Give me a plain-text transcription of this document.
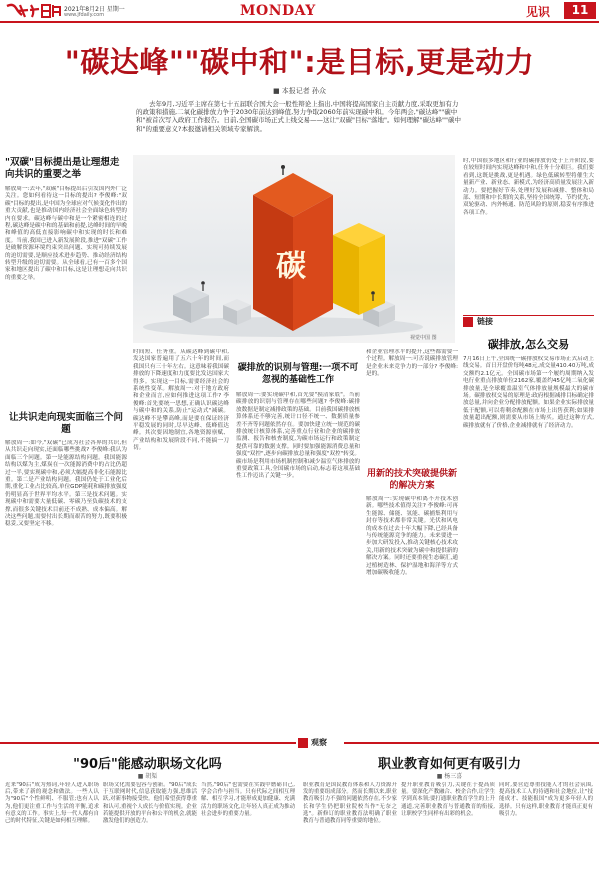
2021年8月2日 星期一
www.jfdaily.com	MONDAY	见识	11
"碳达峰""碳中和":是目标,更是动力
■ 本报记者 孙众
去年9月,习近平主席在第七十五届联合国大会一般性辩论上指出,中国将提高国家自主贡献力度,采取更加有力的政策和措施,二氧化碳排放力争于2030年前达到峰值,努力争取2060年前实现碳中和。今年两会,"碳达峰""碳中和"被首次写入政府工作报告。日前,全国碳市场正式上线交易——这让"双碳"目标"落地"。如何理解"碳达峰""碳中和"的重要意义?本报邀请相关领域专家解读。
"双碳"目标提出是让理想走向共识的重要之举
解放周一:去年,"双碳"目标提出后引发国内外广泛关注。您如何看待这一目标的提出? 李俊峰:"双碳"目标的提出,是中国为全球应对气候变化作出的重大贡献,也是推动国内经济社会全面绿色转型的内在要求。碳达峰与碳中和是一个紧密相连的过程,碳达峰是碳中和的基础和前提,达峰时间的早晚和峰值的高低直接影响碳中和实现的时长和难度。当前,我国已进入新发展阶段,推进"双碳"工作是破解资源环境约束突出问题、实现可持续发展的迫切需要,是顺应技术进步趋势、推动经济结构转型升级的迫切需要。从全球看,已有一百多个国家和地区提出了碳中和目标,这是让理想走向共识的重要之举。
让共识走向现实面临三个问题
解放周一:如今,"双碳"已成为社会各界的共识,但从共识走向现实,还面临哪些挑战? 李俊峰:我认为面临三个问题。第一是能源结构问题。我国能源结构以煤为主,煤炭在一次能源消费中的占比仍超过一半,要实现碳中和,必须大幅提高非化石能源比重。第二是产业结构问题。我国仍处于工业化后期,重化工业占比较高,单位GDP能耗和碳排放强度仍明显高于世界平均水平。第三是技术问题。实现碳中和需要大量低碳、零碳乃至负碳技术的支撑,而很多关键技术目前还不成熟、成本偏高。解决这些问题,需要付出长期而艰苦的努力,既要积极稳妥,又要坚定不移。
碳
视觉中国 图
时间短、任务重。从碳达峰到碳中和,发达国家普遍用了五六十年的时间,而我国只有三十年左右。这意味着我国碳排放的下降速度和力度要比发达国家大得多。实现这一目标,需要经济社会的系统性变革。解放周一:对于地方政府和企业而言,应如何推进这项工作? 李俊峰:首先要统一思想,正确认识碳达峰与碳中和的关系,防止"运动式"减碳。碳达峰不是攀高峰,而是要在保证经济平稳发展的同时,尽早达峰、低峰值达峰。其次要因地制宜,各地资源禀赋、产业结构和发展阶段不同,不能搞一刀切。
碳排放的识别与管理:一项不可忽视的基础性工作
解放周一:要实现碳中和,首先要"摸清家底"。当前碳排放的识别与管理存在哪些问题? 李俊峰:碳排放数据是制定减排政策的基础。目前我国碳排放核算体系还不够完善,统计口径不统一、数据质量参差不齐等问题依然存在。要加快建立统一规范的碳排放统计核算体系,完善重点行业和企业的碳排放监测、报告和核查制度,为碳市场运行和政策制定提供可靠的数据支撑。同时要加强能源消费总量和强度"双控",逐步向碳排放总量和强度"双控"转变。碳市场是利用市场机制控制和减少温室气体排放的重要政策工具,全国碳市场的启动,标志着这项基础性工作迈出了关键一步。
和企业管理水平的提升,这些都需要一个过程。解放周一:可否说碳排放管理是企业未来竞争力的一部分? 李俊峰:是的。
用新的技术突破提供新的解决方案
解放周一:实现碳中和离不开技术创新。哪些技术值得关注? 李俊峰:可再生能源、储能、氢能、碳捕集利用与封存等技术都非常关键。光伏和风电的成本在过去十年大幅下降,已经具备与传统能源竞争的能力。未来要进一步加大研发投入,推动关键核心技术攻关,用新的技术突破为碳中和提供新的解决方案。同时还要重视生态碳汇,通过植树造林、保护湿地和海洋等方式增加碳吸收能力。
时,中国很多地区和行业的碳排放仍处于上升阶段,要在较短时间内实现达峰和中和,任务十分艰巨。我们要看到,这既是挑战,更是机遇。绿色低碳转型将催生大量新产业、新业态、新模式,为经济高质量发展注入新动力。要把握好节奏,处理好发展和减排、整体和局部、短期和中长期的关系,坚持全国统筹、节约优先、双轮驱动、内外畅通、防范风险的原则,稳妥有序推进各项工作。
链接
碳排放,怎么交易
7月16日上午,全国统一碳排放权交易市场正式启动上线交易。首日开盘价每吨48元,成交量410.40万吨,成交额约2.1亿元。全国碳市场第一个履约周期纳入发电行业重点排放单位2162家,覆盖约45亿吨二氧化碳排放量,是全球覆盖温室气体排放量规模最大的碳市场。碳排放权交易的原理是:政府根据减排目标确定排放总量,并向企业分配排放配额。如果企业实际排放量低于配额,可以将剩余配额在市场上出售获利;如果排放量超出配额,则需要从市场上购买。通过这种方式,碳排放就有了价格,企业减排就有了经济动力。
观察
"90后"能感动职场文化吗
■ 胡渠
职业教育如何更有吸引力
■ 杨三喜
近来"90后"成为热词,年轻人进入职场后,带来了新的观念和做法。一些人认为"90后"个性鲜明、不服管;也有人认为,他们更注重工作与生活的平衡,追求有意义的工作。事实上,每一代人都有自己的时代特征,关键是如何相互理解。
职场文化需要包容与创新。"90后"成长于互联网时代,信息获取能力强,思维活跃,对新事物接受快。他们希望获得尊重和认可,重视个人成长与价值实现。企业若能提供开放的平台和公平的机会,就能激发他们的创造力。
当然,"90后"也需要在实践中磨砺自己,学会合作与担当。只有代际之间相互理解、相互学习,才能形成更加健康、充满活力的职场文化,让年轻人真正成为推动社会进步的重要力量。
职业教育是国民教育体系和人力资源开发的重要组成部分。然而长期以来,职业教育吸引力不强的问题依然存在,不少家长和学生仍把职业院校当作"无奈之选"。新修订的职业教育法明确了职业教育与普通教育同等重要的地位。
提升职业教育吸引力,关键在于提高质量。要深化产教融合、校企合作,让学生学到真本领;要打通职业教育学生的上升通道,完善职业教育与普通教育的衔接,让职校学生同样有出彩的机会。
同时,要营造尊重技能人才的社会氛围,提高技术工人的待遇和社会地位,让"技能成才、技能报国"成为更多年轻人的选择。只有这样,职业教育才能真正更有吸引力。
